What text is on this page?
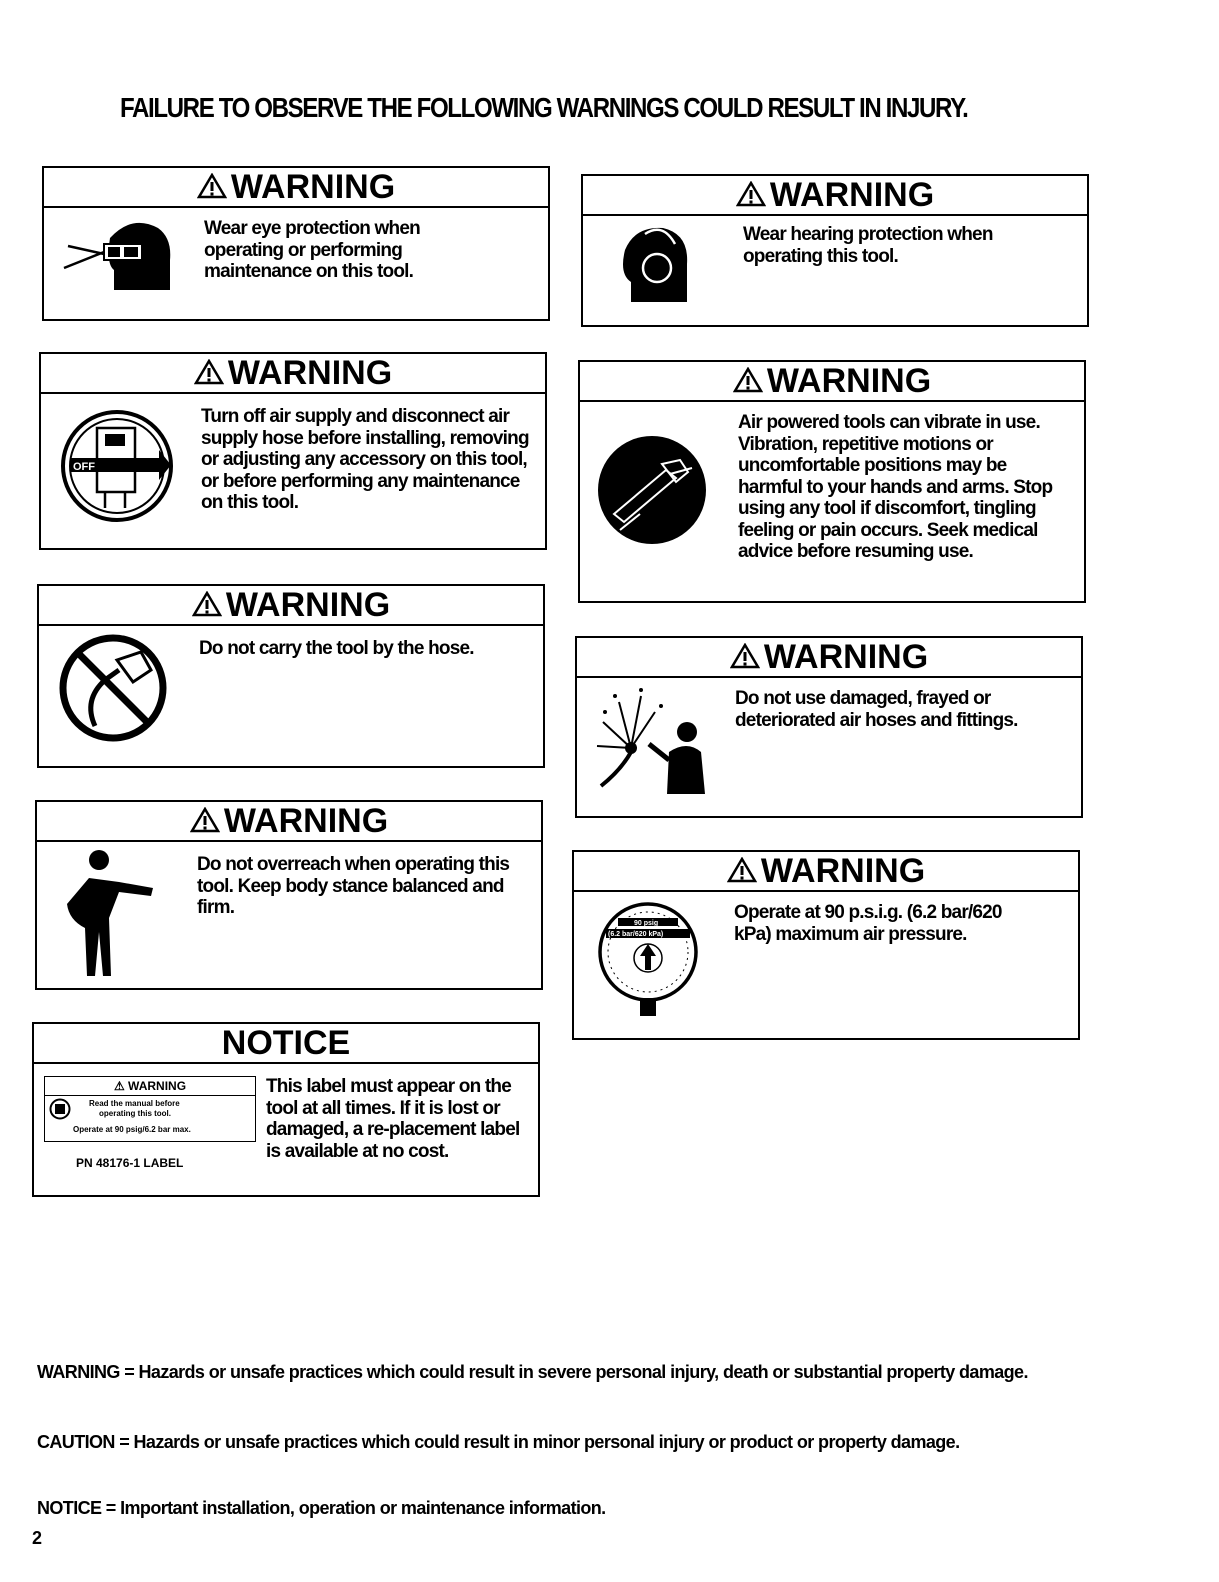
FAILURE TO OBSERVE THE FOLLOWING WARNINGS COULD RESULT IN INJURY.
WARNING
Wear eye protection when operating or performing maintenance on this tool.
WARNING
OFF
Turn off air supply and disconnect air supply hose before installing, removing or adjusting any accessory on this tool, or before performing any maintenance on this tool.
WARNING
Do not carry the tool by the hose.
WARNING
Do not overreach when operating this tool. Keep body stance balanced and firm.
NOTICE
⚠ WARNING
Read the manual before
operating this tool.
Operate at 90 psig/6.2 bar max.
PN 48176-1 LABEL
This label must appear on the tool at all times. If it is lost or damaged, a re-placement label is available at no cost.
WARNING
Wear hearing protection when operating this tool.
WARNING
Air powered tools can vibrate in use. Vibration, repetitive motions or uncomfortable positions may be harmful to your hands and arms. Stop using any tool if discomfort, tingling feeling or pain occurs. Seek medical advice before resuming use.
WARNING
Do not use damaged, frayed or deteriorated air hoses and fittings.
WARNING
90 psig
(6.2 bar/620 kPa)
Operate at 90 p.s.i.g. (6.2 bar/620 kPa) maximum air pressure.
WARNING = Hazards or unsafe practices which could result in severe personal injury, death or substantial property damage.
CAUTION = Hazards or unsafe practices which could result in minor personal injury or product or property damage.
NOTICE = Important installation, operation or maintenance information.
2
